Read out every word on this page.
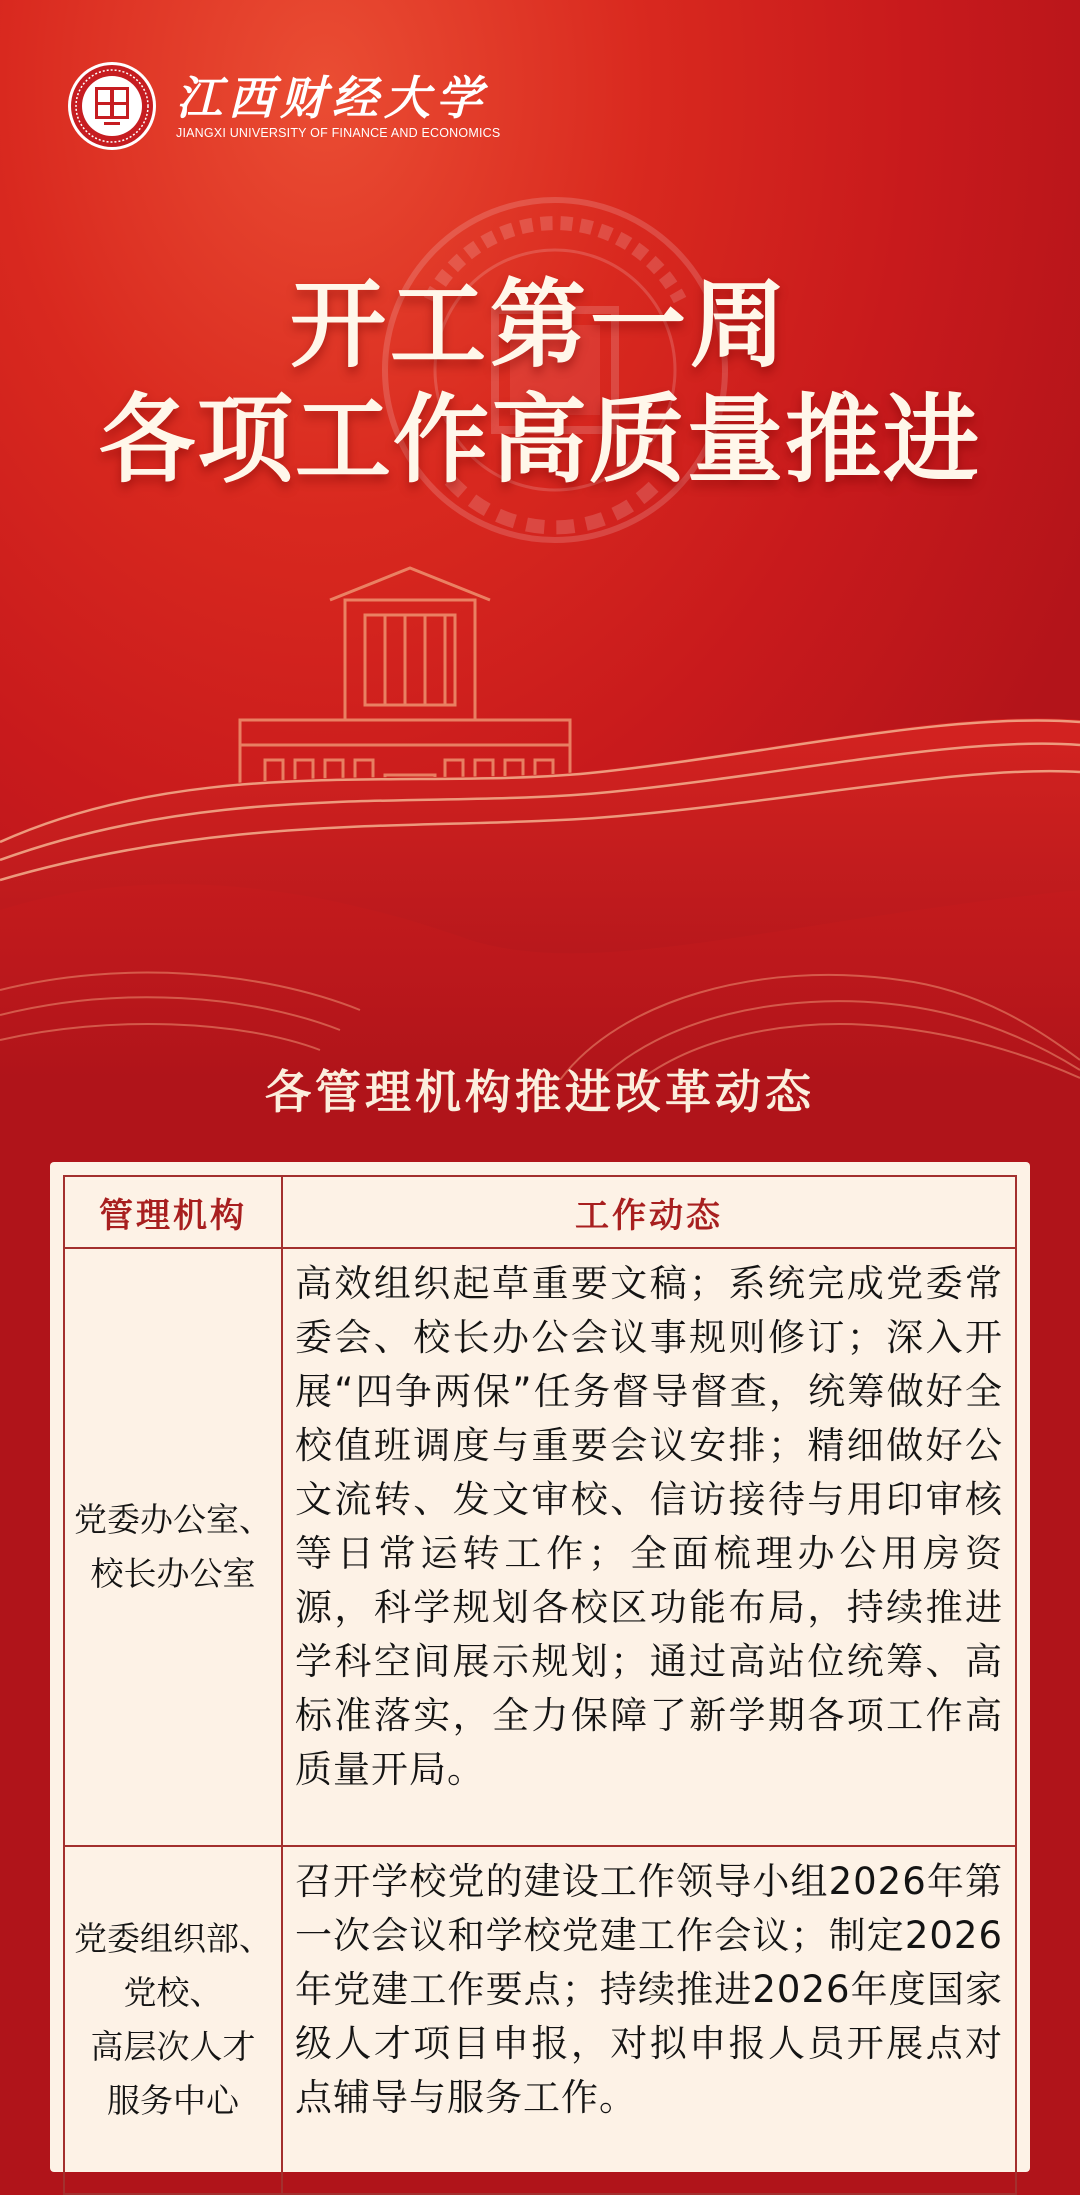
江西财经大学
JIANGXI UNIVERSITY OF FINANCE AND ECONOMICS
开工第一周
各项工作高质量推进
各管理机构推进改革动态
管理机构	工作动态

党委办公室、
校长办公室	高效组织起草重要文稿；系统完成党委常委会、校长办公会议事规则修订；深入开展“四争两保”任务督导督查，统筹做好全校值班调度与重要会议安排；精细做好公文流转、发文审校、信访接待与用印审核等日常运转工作；全面梳理办公用房资源，科学规划各校区功能布局，持续推进学科空间展示规划；通过高站位统筹、高标准落实，全力保障了新学期各项工作高质量开局。

党委组织部、
党校、
高层次人才
服务中心	召开学校党的建设工作领导小组2026年第一次会议和学校党建工作会议；制定2026年党建工作要点；持续推进2026年度国家级人才项目申报，对拟申报人员开展点对点辅导与服务工作。
